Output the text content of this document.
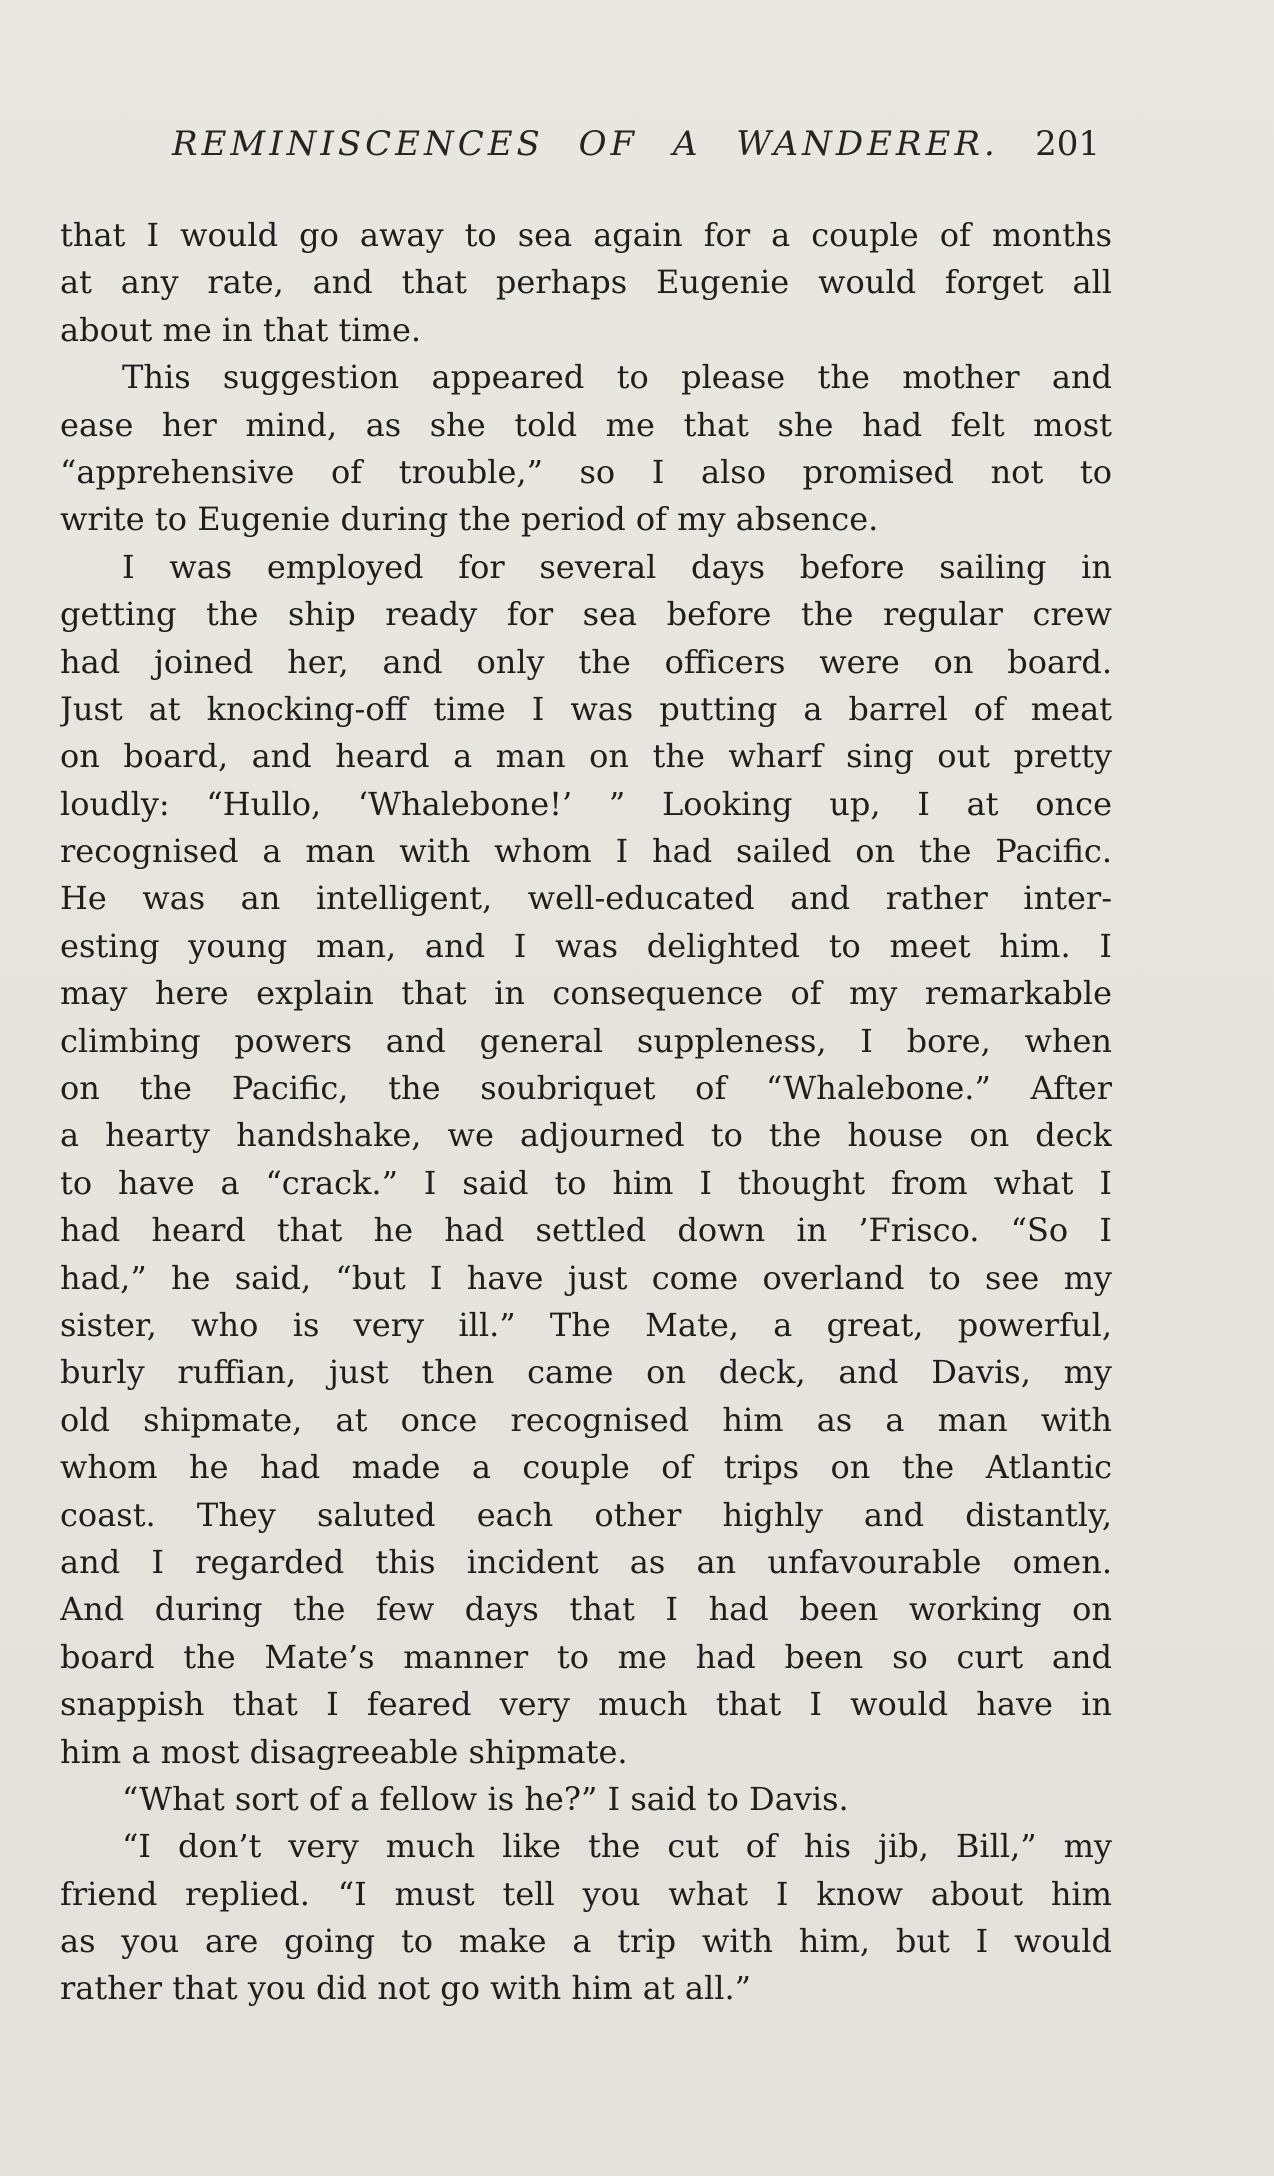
REMINISCENCES OF A WANDERER. 201
that I would go away to sea again for a couple of months
at any rate, and that perhaps Eugenie would forget all
about me in that time.
This suggestion appeared to please the mother and
ease her mind, as she told me that she had felt most
“apprehensive of trouble,” so I also promised not to
write to Eugenie during the period of my absence.
I was employed for several days before sailing in
getting the ship ready for sea before the regular crew
had joined her, and only the officers were on board.
Just at knocking-off time I was putting a barrel of meat
on board, and heard a man on the wharf sing out pretty
loudly: “Hullo, ‘Whalebone!’ ” Looking up, I at once
recognised a man with whom I had sailed on the Pacific.
He was an intelligent, well-educated and rather inter-
esting young man, and I was delighted to meet him. I
may here explain that in consequence of my remarkable
climbing powers and general suppleness, I bore, when
on the Pacific, the soubriquet of “Whalebone.” After
a hearty handshake, we adjourned to the house on deck
to have a “crack.” I said to him I thought from what I
had heard that he had settled down in ’Frisco. “So I
had,” he said, “but I have just come overland to see my
sister, who is very ill.” The Mate, a great, powerful,
burly ruffian, just then came on deck, and Davis, my
old shipmate, at once recognised him as a man with
whom he had made a couple of trips on the Atlantic
coast. They saluted each other highly and distantly,
and I regarded this incident as an unfavourable omen.
And during the few days that I had been working on
board the Mate’s manner to me had been so curt and
snappish that I feared very much that I would have in
him a most disagreeable shipmate.
“What sort of a fellow is he?” I said to Davis.
“I don’t very much like the cut of his jib, Bill,” my
friend replied. “I must tell you what I know about him
as you are going to make a trip with him, but I would
rather that you did not go with him at all.”
